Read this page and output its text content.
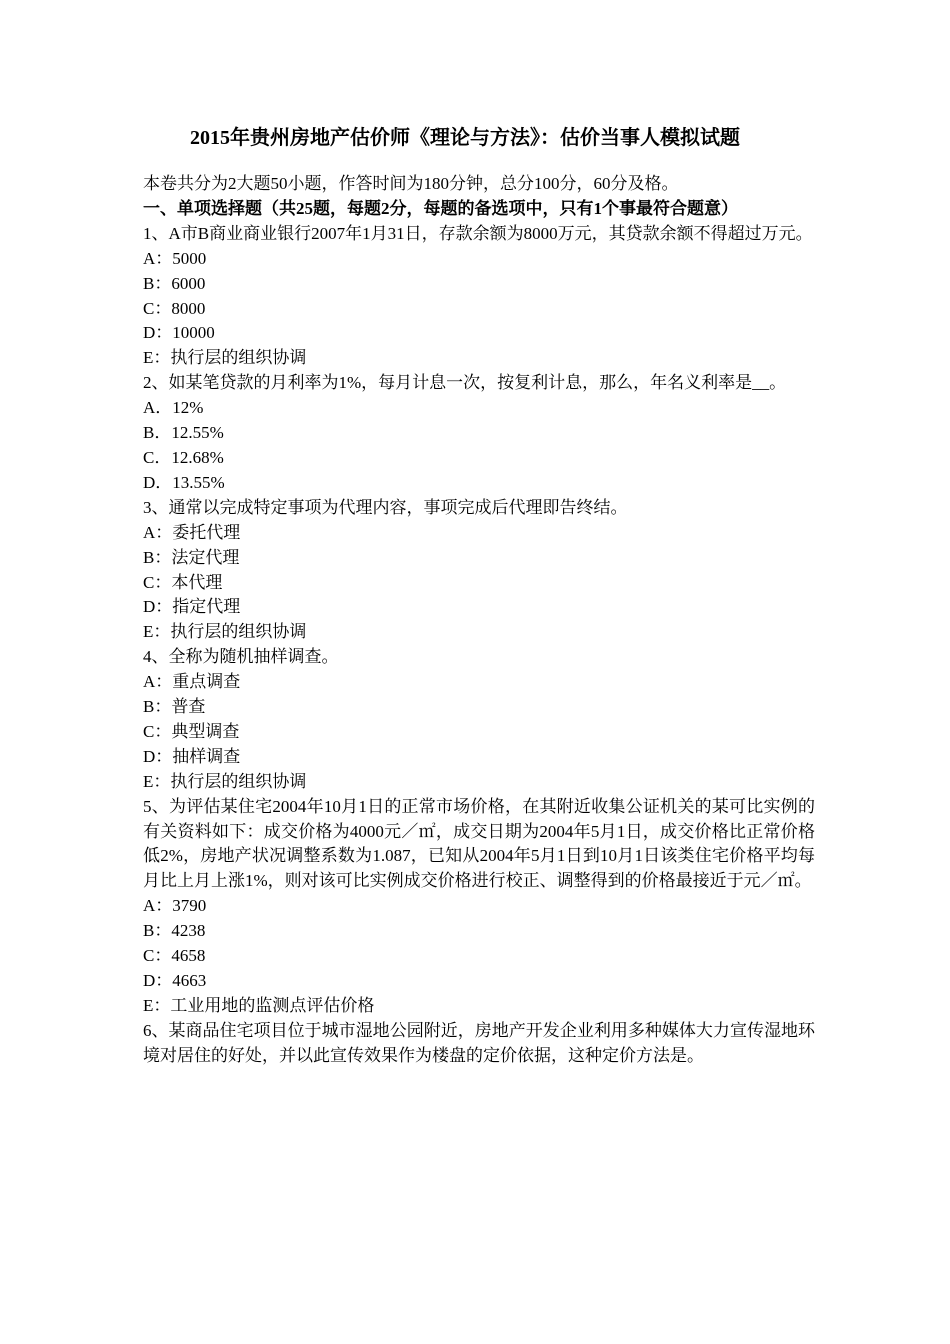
2015年贵州房地产估价师《理论与方法》：估价当事人模拟试题

本卷共分为2大题50小题，作答时间为180分钟，总分100分，60分及格。

一、单项选择题（共25题，每题2分，每题的备选项中，只有1个事最符合题意）

1、A市B商业商业银行2007年1月31日，存款余额为8000万元，其贷款余额不得超过万元。

A：5000

B：6000

C：8000

D：10000

E：执行层的组织协调

2、如某笔贷款的月利率为1%，每月计息一次，按复利计息，那么，年名义利率是__。

A．12%

B．12.55%

C．12.68%

D．13.55%

3、通常以完成特定事项为代理内容，事项完成后代理即告终结。

A：委托代理

B：法定代理

C：本代理

D：指定代理

E：执行层的组织协调

4、全称为随机抽样调查。

A：重点调查

B：普查

C：典型调查

D：抽样调查

E：执行层的组织协调

5、为评估某住宅2004年10月1日的正常市场价格，在其附近收集公证机关的某可比实例的有关资料如下：成交价格为4000元／㎡，成交日期为2004年5月1日，成交价格比正常价格低2%，房地产状况调整系数为1.087，已知从2004年5月1日到10月1日该类住宅价格平均每月比上月上涨1%，则对该可比实例成交价格进行校正、调整得到的价格最接近于元／㎡。

A：3790

B：4238

C：4658

D：4663

E：工业用地的监测点评估价格

6、某商品住宅项目位于城市湿地公园附近，房地产开发企业利用多种媒体大力宣传湿地环境对居住的好处，并以此宣传效果作为楼盘的定价依据，这种定价方法是。
